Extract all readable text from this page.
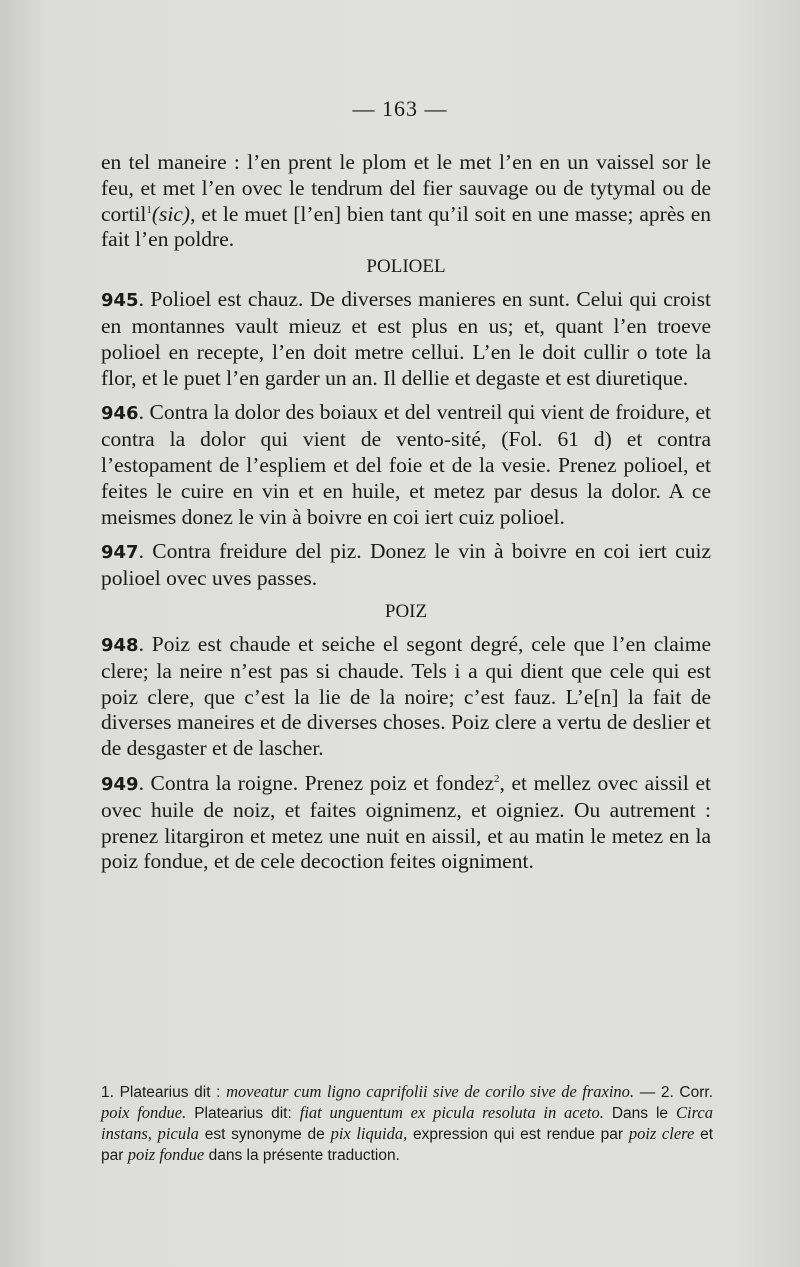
— 163 —

en tel maneire : l’en prent le plom et le met l’en en un vaissel sor le feu, et met l’en ovec le tendrum del fier sauvage ou de tytymal ou de cortil$^1$(sic), et le muet [l’en] bien tant qu’il soit en une masse; après en fait l’en poldre.

POLIOEL

945. Polioel est chauz. De diverses manieres en sunt. Celui qui croist en montannes vault mieuz et est plus en us; et, quant l’en troeve polioel en recepte, l’en doit metre cellui. L’en le doit cullir o tote la flor, et le puet l’en garder un an. Il dellie et degaste et est diuretique.

946. Contra la dolor des boiaux et del ventreil qui vient de froidure, et contra la dolor qui vient de vento-sité, (Fol. 61 d) et contra l’estopament de l’espliem et del foie et de la vesie. Prenez polioel, et feites le cuire en vin et en huile, et metez par desus la dolor. A ce meismes donez le vin à boivre en coi iert cuiz polioel.

947. Contra freidure del piz. Donez le vin à boivre en coi iert cuiz polioel ovec uves passes.

POIZ

948. Poiz est chaude et seiche el segont degré, cele que l’en claime clere; la neire n’est pas si chaude. Tels i a qui dient que cele qui est poiz clere, que c’est la lie de la noire; c’est fauz. L’e[n] la fait de diverses maneires et de diverses choses. Poiz clere a vertu de deslier et de desgaster et de lascher.

949. Contra la roigne. Prenez poiz et fondez$^2$, et mellez ovec aissil et ovec huile de noiz, et faites oignimenz, et oigniez. Ou autrement : prenez litargiron et metez une nuit en aissil, et au matin le metez en la poiz fondue, et de cele decoction feites oigniment.

1. Platearius dit : moveatur cum ligno caprifolii sive de corilo sive de fraxino. — 2. Corr. poix fondue. Platearius dit: fiat unguentum ex picula resoluta in aceto. Dans le Circa instans, picula est synonyme de pix liquida, expression qui est rendue par poiz clere et par poiz fondue dans la présente traduction.
